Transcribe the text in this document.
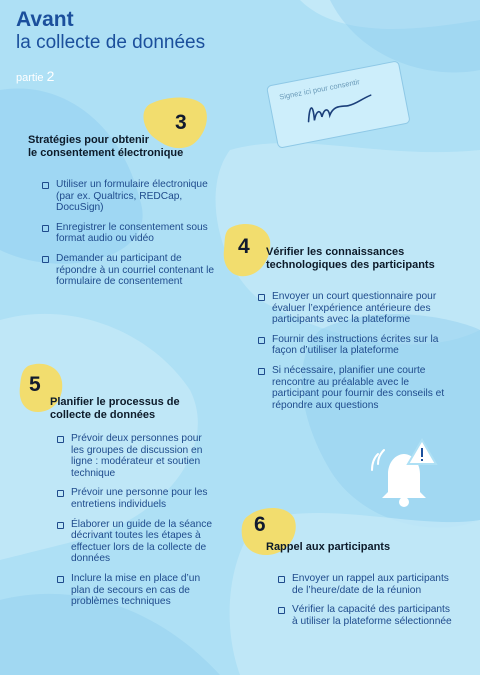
Avant
la collecte de données
partie 2
Signez ici pour consentir
3
Stratégies pour obtenir
le consentement électronique
Utiliser un formulaire électronique (par ex. Qualtrics, REDCap, DocuSign)
Enregistrer le consentement sous format audio ou vidéo
Demander au participant de répondre à un courriel contenant le formulaire de consentement
4 Vérifier les connaissances
technologiques des participants
Envoyer un court questionnaire pour évaluer l’expérience antérieure des participants avec la plateforme
Fournir des instructions écrites sur la façon d’utiliser la plateforme
Si nécessaire, planifier une courte rencontre au préalable avec le participant pour fournir des conseils et répondre aux questions
5
Planifier le processus de
collecte de données
Prévoir deux personnes pour les groupes de discussion en ligne : modérateur et soutien technique
Prévoir une personne pour les entretiens individuels
Élaborer un guide de la séance décrivant toutes les étapes à effectuer lors de la collecte de données
Inclure la mise en place d’un plan de secours en cas de problèmes techniques
6
Rappel aux participants
Envoyer un rappel aux participants de l’heure/date de la réunion
Vérifier la capacité des participants à utiliser la plateforme sélectionnée
